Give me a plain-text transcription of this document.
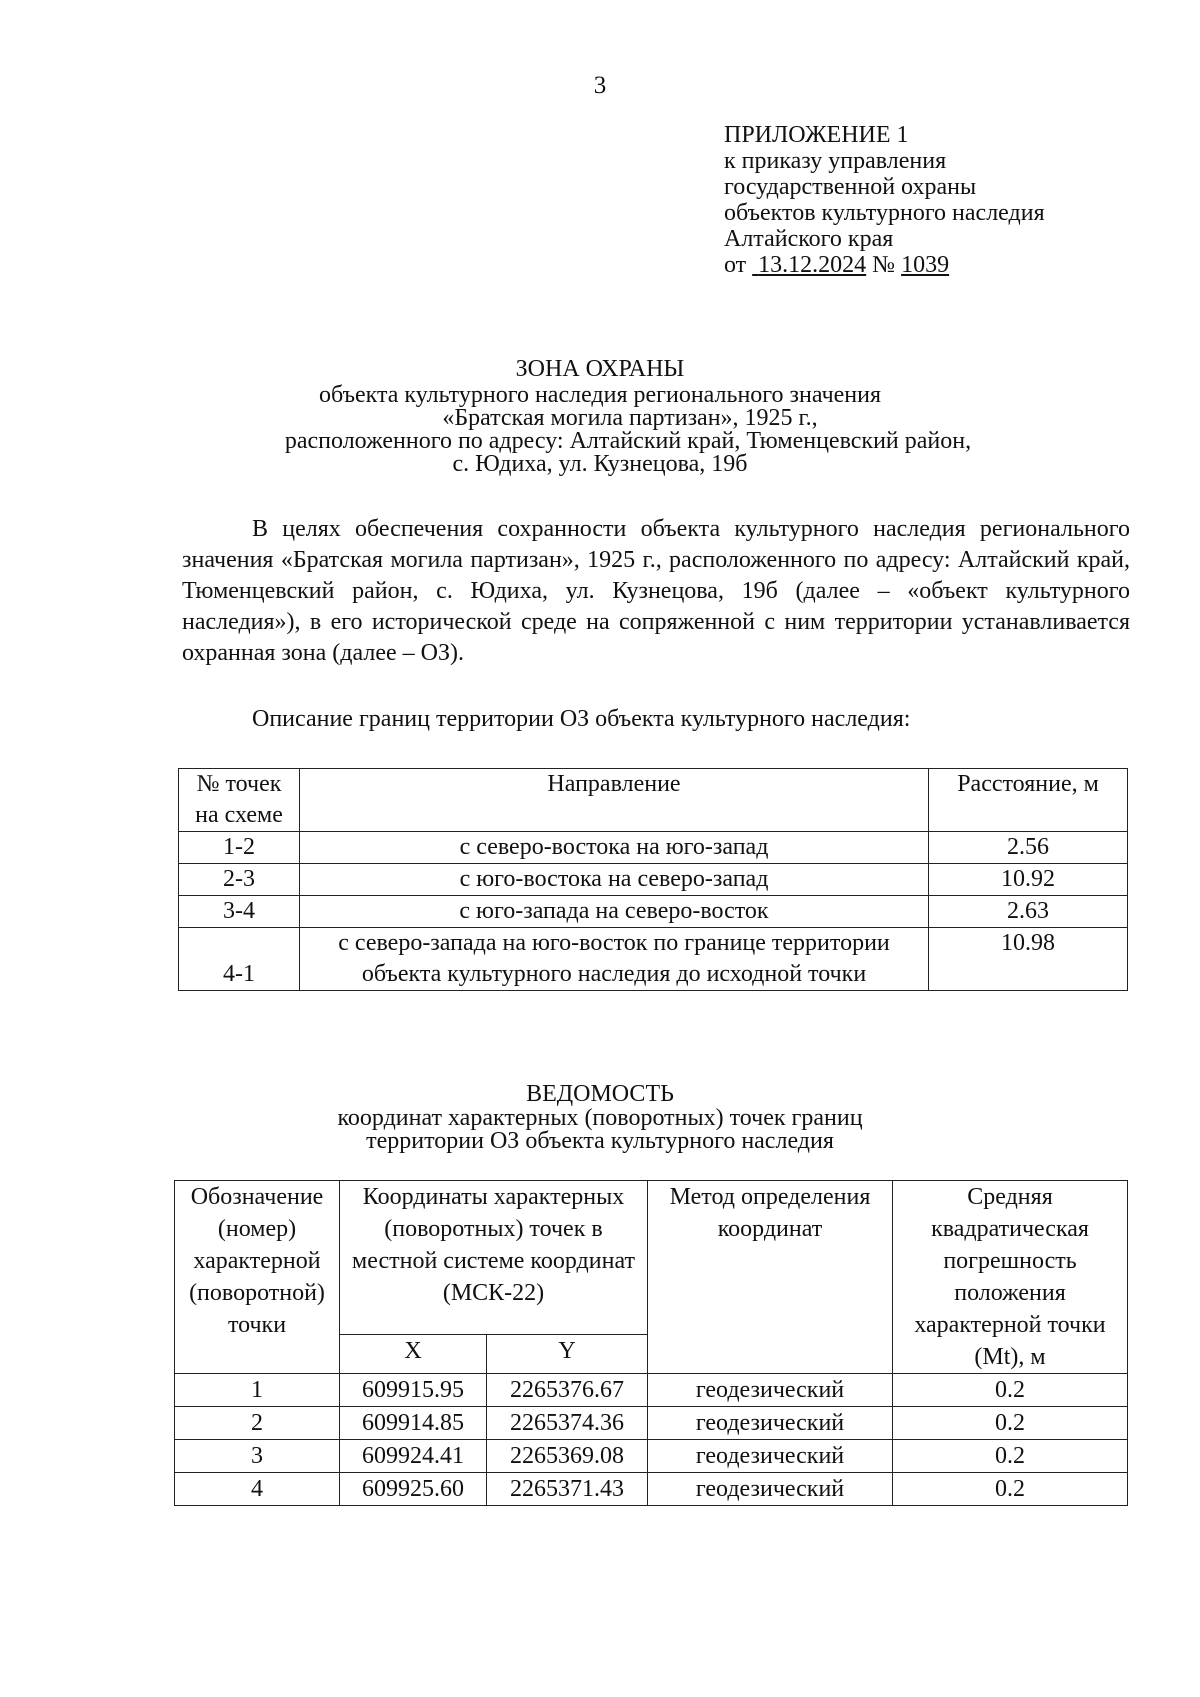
3
ПРИЛОЖЕНИЕ 1
к приказу управления
государственной охраны
объектов культурного наследия
Алтайского края
от 13.12.2024 № 1039
ЗОНА ОХРАНЫ
объекта культурного наследия регионального значения
«Братская могила партизан», 1925 г.,
расположенного по адресу: Алтайский край, Тюменцевский район,
с. Юдиха, ул. Кузнецова, 19б
В целях обеспечения сохранности объекта культурного наследия регионального значения «Братская могила партизан», 1925 г., расположенного по адресу: Алтайский край, Тюменцевский район, с. Юдиха, ул. Кузнецова, 19б (далее – «объект культурного наследия»), в его исторической среде на сопряженной с ним территории устанавливается охранная зона (далее – ОЗ).
Описание границ территории ОЗ объекта культурного наследия:
№ точек на схеме	Направление	Расстояние, м
1-2	с северо-востока на юго-запад	2.56
2-3	с юго-востока на северо-запад	10.92
3-4	с юго-запада на северо-восток	2.63
4-1	с северо-запада на юго-восток по границе территории объекта культурного наследия до исходной точки	10.98
ВЕДОМОСТЬ
координат характерных (поворотных) точек границ
территории ОЗ объекта культурного наследия
Обозначение (номер) характерной (поворотной) точки	Координаты характерных (поворотных) точек в местной системе координат (МСК-22)		Метод определения координат	Средняя квадратическая погрешность положения характерной точки (Mt), м
	X	Y		
1	609915.95	2265376.67	геодезический	0.2
2	609914.85	2265374.36	геодезический	0.2
3	609924.41	2265369.08	геодезический	0.2
4	609925.60	2265371.43	геодезический	0.2
